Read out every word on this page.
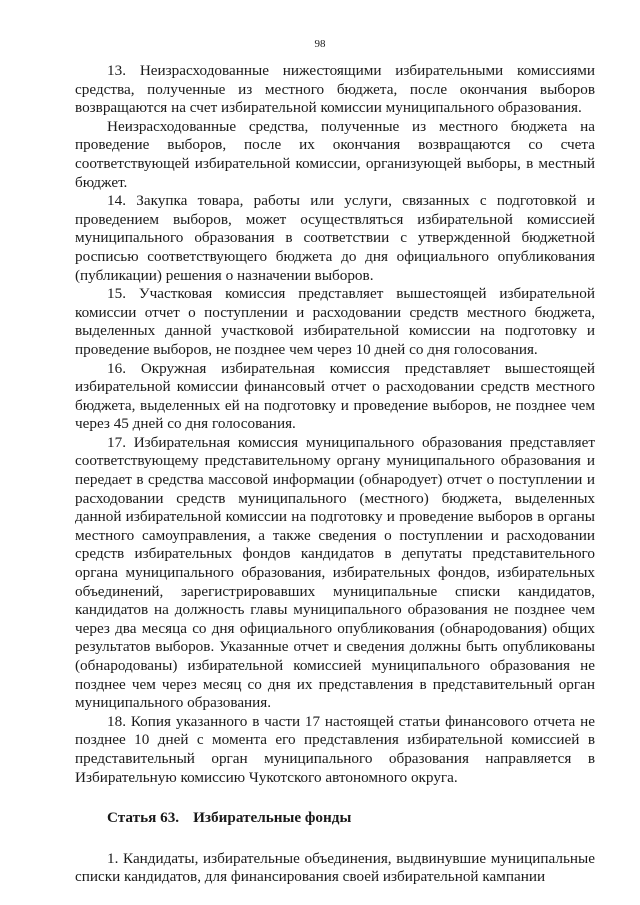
98

13. Неизрасходованные нижестоящими избирательными комиссиями средства, полученные из местного бюджета, после окончания выборов возвращаются на счет избирательной комиссии муниципального образования.

Неизрасходованные средства, полученные из местного бюджета на проведение выборов, после их окончания возвращаются со счета соответствующей избирательной комиссии, организующей выборы, в местный бюджет.

14. Закупка товара, работы или услуги, связанных с подготовкой и проведением выборов, может осуществляться избирательной комиссией муниципального образования в соответствии с утвержденной бюджетной росписью соответствующего бюджета до дня официального опубликования (публикации) решения о назначении выборов.

15. Участковая комиссия представляет вышестоящей избирательной комиссии отчет о поступлении и расходовании средств местного бюджета, выделенных данной участковой избирательной комиссии на подготовку и проведение выборов, не позднее чем через 10 дней со дня голосования.

16. Окружная избирательная комиссия представляет вышестоящей избирательной комиссии финансовый отчет о расходовании средств местного бюджета, выделенных ей на подготовку и проведение выборов, не позднее чем через 45 дней со дня голосования.

17. Избирательная комиссия муниципального образования представляет соответствующему представительному органу муниципального образования и передает в средства массовой информации (обнародует) отчет о поступлении и расходовании средств муниципального (местного) бюджета, выделенных данной избирательной комиссии на подготовку и проведение выборов в органы местного самоуправления, а также сведения о поступлении и расходовании средств избирательных фондов кандидатов в депутаты представительного органа муниципального образования, избирательных фондов, избирательных объединений, зарегистрировавших муниципальные списки кандидатов, кандидатов на должность главы муниципального образования не позднее чем через два месяца со дня официального опубликования (обнародования) общих результатов выборов. Указанные отчет и сведения должны быть опубликованы (обнародованы) избирательной комиссией муниципального образования не позднее чем через месяц со дня их представления в представительный орган муниципального образования.

18. Копия указанного в части 17 настоящей статьи финансового отчета не позднее 10 дней с момента его представления избирательной комиссией в представительный орган муниципального образования направляется в Избирательную комиссию Чукотского автономного округа.

Статья 63. Избирательные фонды

1. Кандидаты, избирательные объединения, выдвинувшие муниципальные списки кандидатов, для финансирования своей избирательной кампании
